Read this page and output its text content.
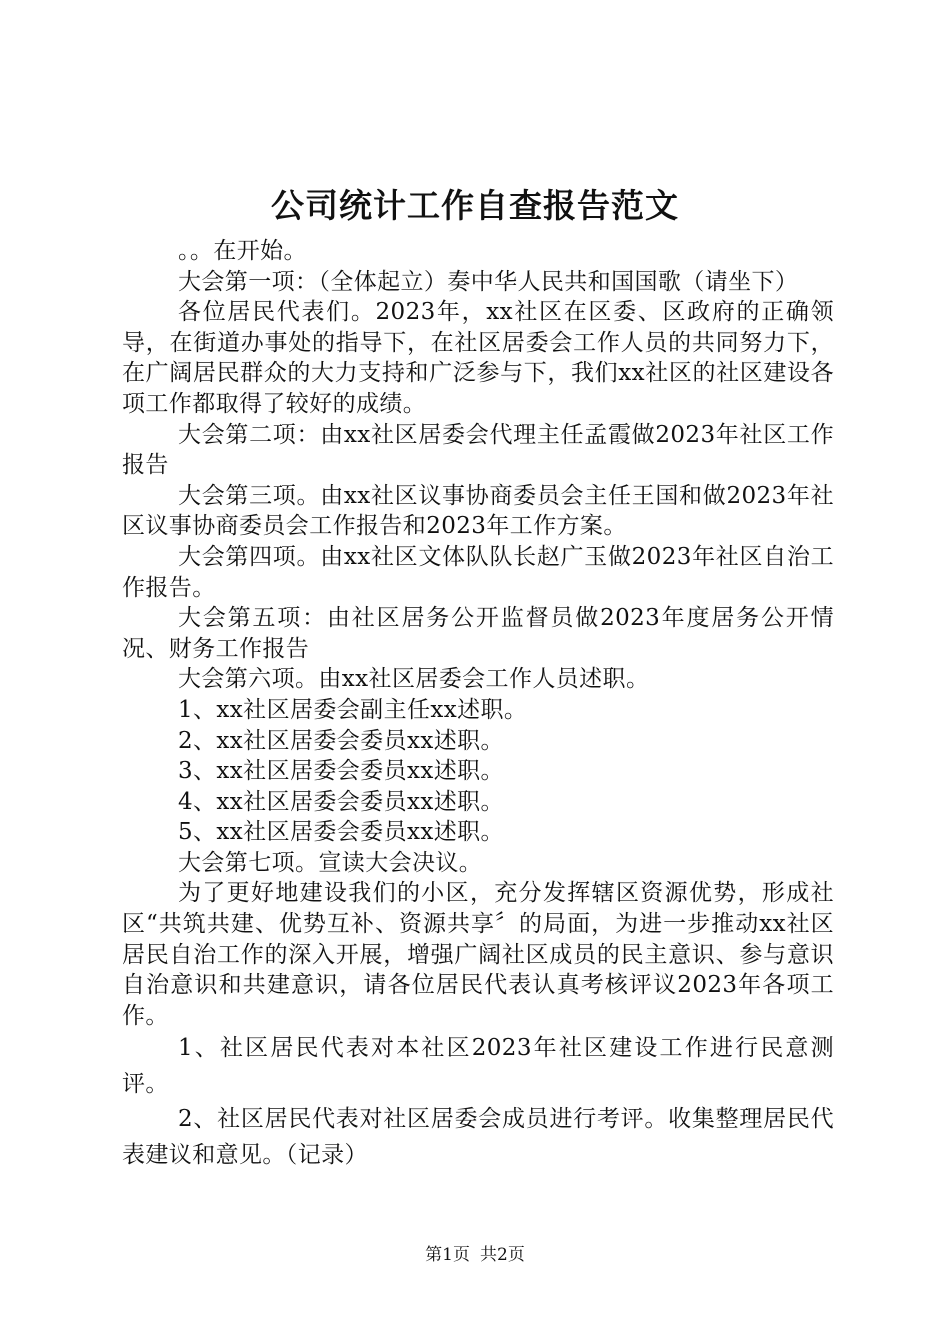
公司统计工作自查报告范文

。。在开始。

大会第一项：（全体起立）奏中华人民共和国国歌（请坐下）

各位居民代表们。2023年，xx社区在区委、区政府的正确领导，在街道办事处的指导下，在社区居委会工作人员的共同努力下，在广阔居民群众的大力支持和广泛参与下，我们xx社区的社区建设各项工作都取得了较好的成绩。

大会第二项：由xx社区居委会代理主任孟霞做2023年社区工作报告

大会第三项。由xx社区议事协商委员会主任王国和做2023年社区议事协商委员会工作报告和2023年工作方案。

大会第四项。由xx社区文体队队长赵广玉做2023年社区自治工作报告。

大会第五项：由社区居务公开监督员做2023年度居务公开情况、财务工作报告

大会第六项。由xx社区居委会工作人员述职。

1、xx社区居委会副主任xx述职。

2、xx社区居委会委员xx述职。

3、xx社区居委会委员xx述职。

4、xx社区居委会委员xx述职。

5、xx社区居委会委员xx述职。

大会第七项。宣读大会决议。

为了更好地建设我们的小区，充分发挥辖区资源优势，形成社区“共筑共建、优势互补、资源共享〞的局面，为进一步推动xx社区居民自治工作的深入开展，增强广阔社区成员的民主意识、参与意识自治意识和共建意识，请各位居民代表认真考核评议2023年各项工作。

1、社区居民代表对本社区2023年社区建设工作进行民意测评。

2、社区居民代表对社区居委会成员进行考评。收集整理居民代表建议和意见。（记录）

第1页 共2页
